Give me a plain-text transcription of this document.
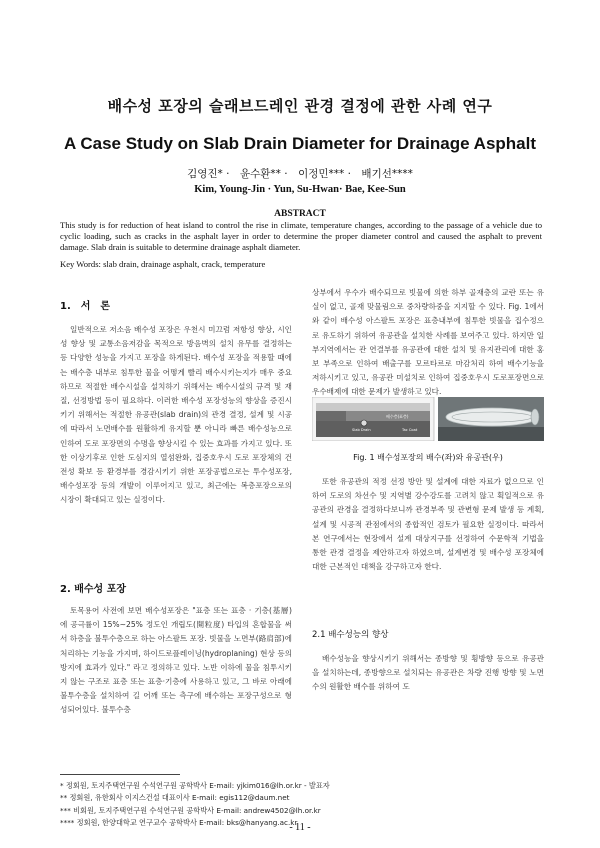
배수성 포장의 슬래브드레인 관경 결정에 관한 사례 연구
A Case Study on Slab Drain Diameter for Drainage Asphalt
김영진* ·　윤수환** ·　이정민*** ·　배기선****
Kim, Young-Jin · Yun, Su-Hwan· Bae, Kee-Sun
ABSTRACT
This study is for reduction of heat island to control the rise in climate, temperature changes, according to the passage of a vehicle due to cyclic loading, such as cracks in the asphalt layer in order to determine the proper diameter control and caused the asphalt to prevent damage. Slab drain is suitable to determine drainage asphalt diameter.
Key Words: slab drain, drainage asphalt, crack, temperature
1.　서　론

일반적으로 저소음 배수성 포장은 우천시 미끄럼 저항성 향상, 시인성 향상 및 교통소음저감을 목적으로 방음벽의 설치 유무를 결정하는 등 다양한 성능을 가지고 포장을 하게된다. 배수성 포장을 적용할 때에는 배수층 내부로 침투한 물을 어떻게 빨리 배수시키는지가 매우 중요하므로 적절한 배수시설을 설치하기 위해서는 배수시설의 규격 및 재질, 선정방법 등이 필요하다. 이러한 배수성 포장성능의 향상을 증진시키기 위해서는 적절한 유공관(slab drain)의 관경 결정, 설계 및 시공에 따라서 노면배수를 원활하게 유지할 뿐 아니라 빠른 배수성능으로 인하여 도로 포장면의 수명을 향상시킬 수 있는 효과를 가지고 있다. 또한 이상기후로 인한 도심지의 열섬완화, 집중호우시 도로 포장체의 건전성 확보 등 환경부를 경감시키기 위한 포장공법으로는 투수성포장, 배수성포장 등의 개발이 이루어지고 있고, 최근에는 복층포장으로의 시장이 확대되고 있는 실정이다.

2. 배수성 포장

토목용어 사전에 보면 배수성포장은 "표층 또는 표층 · 기층(基層)에 공극률이 15%~25% 정도인 개립도(開粒度) 타입의 혼합물을 써서 하층을 불투수층으로 하는 아스팔트 포장. 빗물을 노면부(路肩部)에 처리하는 기능을 가지며, 하이드로플레이닝(hydroplaning) 현상 등의 방지에 효과가 있다." 라고 정의하고 있다. 노반 이하에 물을 침투시키지 않는 구조로 표층 또는 표층·기층에 사용하고 있고, 그 바로 아래에 불투수층을 설치하여 길 어깨 또는 측구에 배수하는 포장구성으로 형성되어있다. 불투수층

상부에서 우수가 배수되므로 빗물에 의한 하부 골재층의 교란 또는 유실이 없고, 골재 맞물림으로 중차량하중을 지지할 수 있다. Fig. 1에서와 같이 배수성 아스팔트 포장은 표층내부에 침투한 빗물을 집수정으로 유도하기 위하여 유공관을 설치한 사례를 보여주고 있다. 하지만 일부지역에서는 관 연결부를 유공관에 대한 설치 및 유지관리에 대한 홍보 부족으로 인하여 배출구를 모르타르로 마감처리 하여 배수기능을 저하시키고 있고, 유공관 미설치로 인하여 집중호우시 도로포장면으로 우수배제에 대한 문제가 발생하고 있다.

배수층(표층)
Slab Drain	Tac Coat
Fig. 1 배수성포장의 배수(좌)와 유공관(우)

또한 유공관의 적정 선정 방안 및 설계에 대한 자료가 없으므로 인하여 도로의 차선수 및 지역별 강수강도를 고려치 않고 획일적으로 유공관의 관경을 결정하다보니까 관경부족 및 관변형 문제 발생 등 계획, 설계 및 시공적 관점에서의 종합적인 검토가 필요한 실정이다. 따라서 본 연구에서는 현장에서 설계 대상지구를 선정하여 수문학적 기법을 통한 관경 결정을 제안하고자 하였으며, 설계변경 및 배수성 포장체에 대한 근본적인 대책을 강구하고자 한다.

2.1 배수성능의 향상

배수성능을 향상시키기 위해서는 종방향 및 횡방향 등으로 유공관을 설치하는데, 종방향으로 설치되는 유공관은 차량 진행 방향 및 노면수의 원활한 배수를 위하여 도

* 정회원, 토지주택연구원 수석연구원 공학박사 E-mail: yjkim016@lh.or.kr - 발표자
** 정회원, 유한회사 이지스건설 대표이사 E-mail: egis112@daum.net
*** 비회원, 토지주택연구원 수석연구원 공학박사 E-mail: andrew4502@lh.or.kr
**** 정회원, 한양대학교 연구교수 공학박사 E-mail: bks@hanyang.ac.kr
- 11 -
